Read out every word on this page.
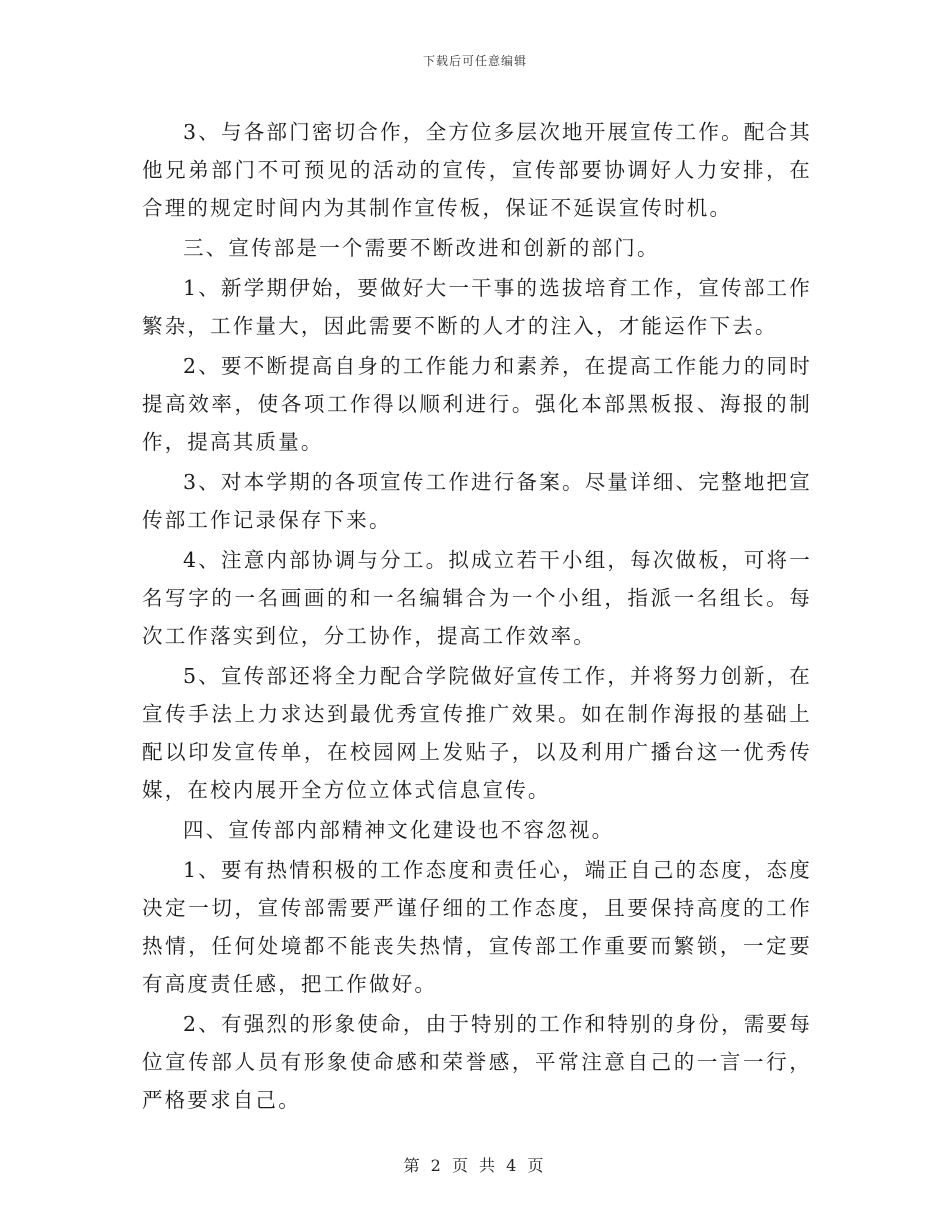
下载后可任意编辑

3、与各部门密切合作，全方位多层次地开展宣传工作。配合其他兄弟部门不可预见的活动的宣传，宣传部要协调好人力安排，在合理的规定时间内为其制作宣传板，保证不延误宣传时机。

三、宣传部是一个需要不断改进和创新的部门。

1、新学期伊始，要做好大一干事的选拔培育工作，宣传部工作繁杂，工作量大，因此需要不断的人才的注入，才能运作下去。

2、要不断提高自身的工作能力和素养，在提高工作能力的同时提高效率，使各项工作得以顺利进行。强化本部黑板报、海报的制作，提高其质量。

3、对本学期的各项宣传工作进行备案。尽量详细、完整地把宣传部工作记录保存下来。

4、注意内部协调与分工。拟成立若干小组，每次做板，可将一名写字的一名画画的和一名编辑合为一个小组，指派一名组长。每次工作落实到位，分工协作，提高工作效率。

5、宣传部还将全力配合学院做好宣传工作，并将努力创新，在宣传手法上力求达到最优秀宣传推广效果。如在制作海报的基础上配以印发宣传单，在校园网上发贴子，以及利用广播台这一优秀传媒，在校内展开全方位立体式信息宣传。

四、宣传部内部精神文化建设也不容忽视。

1、要有热情积极的工作态度和责任心，端正自己的态度，态度决定一切，宣传部需要严谨仔细的工作态度，且要保持高度的工作热情，任何处境都不能丧失热情，宣传部工作重要而繁锁，一定要有高度责任感，把工作做好。

2、有强烈的形象使命，由于特别的工作和特别的身份，需要每位宣传部人员有形象使命感和荣誉感，平常注意自己的一言一行，严格要求自己。

第 2 页 共 4 页
